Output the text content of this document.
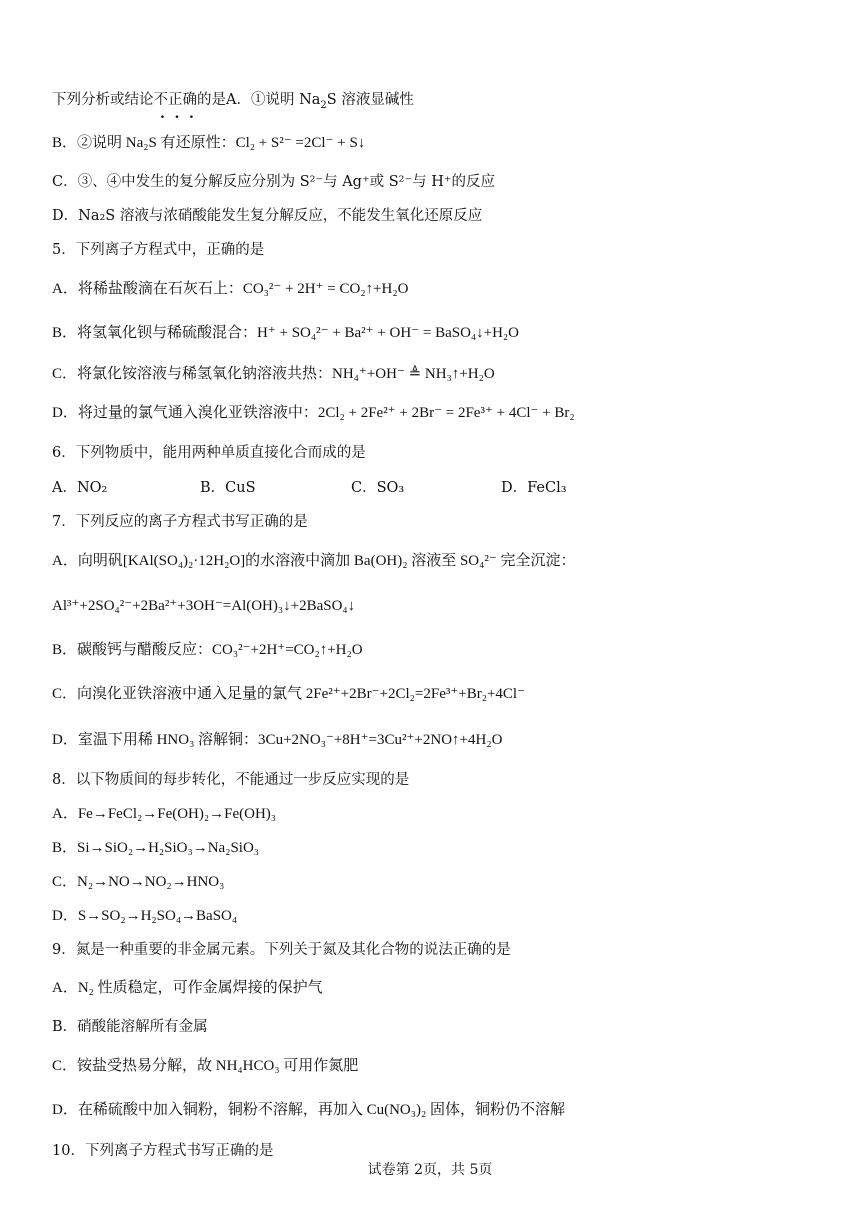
下列分析或结论不正确的是A．①说明 $Na_2S$ 溶液显碱性
B．②说明 Na₂S 有还原性：Cl₂ + S²⁻ =2Cl⁻ + S↓
C．③、④中发生的复分解反应分别为 S²⁻与 Ag⁺或 S²⁻与 H⁺的反应
D．Na₂S 溶液与浓硝酸能发生复分解反应，不能发生氧化还原反应
5．下列离子方程式中，正确的是
A．将稀盐酸滴在石灰石上：CO₃²⁻ + 2H⁺ = CO₂↑+H₂O
B．将氢氧化钡与稀硫酸混合：H⁺ + SO₄²⁻ + Ba²⁺ + OH⁻ = BaSO₄↓+H₂O
C．将氯化铵溶液与稀氢氧化钠溶液共热：NH₄⁺+OH⁻ ≜ NH₃↑+H₂O
D．将过量的氯气通入溴化亚铁溶液中：2Cl₂ + 2Fe²⁺ + 2Br⁻ = 2Fe³⁺ + 4Cl⁻ + Br₂
6．下列物质中，能用两种单质直接化合而成的是
A．NO₂	B．CuS	C．SO₃	D．FeCl₃
7．下列反应的离子方程式书写正确的是
A．向明矾[KAl(SO₄)₂·12H₂O]的水溶液中滴加 Ba(OH)₂ 溶液至 SO₄²⁻ 完全沉淀：
Al³⁺+2SO₄²⁻+2Ba²⁺+3OH⁻=Al(OH)₃↓+2BaSO₄↓
B．碳酸钙与醋酸反应：CO₃²⁻+2H⁺=CO₂↑+H₂O
C．向溴化亚铁溶液中通入足量的氯气 2Fe²⁺+2Br⁻+2Cl₂=2Fe³⁺+Br₂+4Cl⁻
D．室温下用稀 HNO₃ 溶解铜：3Cu+2NO₃⁻+8H⁺=3Cu²⁺+2NO↑+4H₂O
8．以下物质间的每步转化，不能通过一步反应实现的是
A．Fe→FeCl₂→Fe(OH)₂→Fe(OH)₃
B．Si→SiO₂→H₂SiO₃→Na₂SiO₃
C．N₂→NO→NO₂→HNO₃
D．S→SO₂→H₂SO₄→BaSO₄
9．氮是一种重要的非金属元素。下列关于氮及其化合物的说法正确的是
A．N₂ 性质稳定，可作金属焊接的保护气
B．硝酸能溶解所有金属
C．铵盐受热易分解，故 NH₄HCO₃ 可用作氮肥
D．在稀硫酸中加入铜粉，铜粉不溶解，再加入 Cu(NO₃)₂ 固体，铜粉仍不溶解
10．下列离子方程式书写正确的是
试卷第 2页，共 5页
